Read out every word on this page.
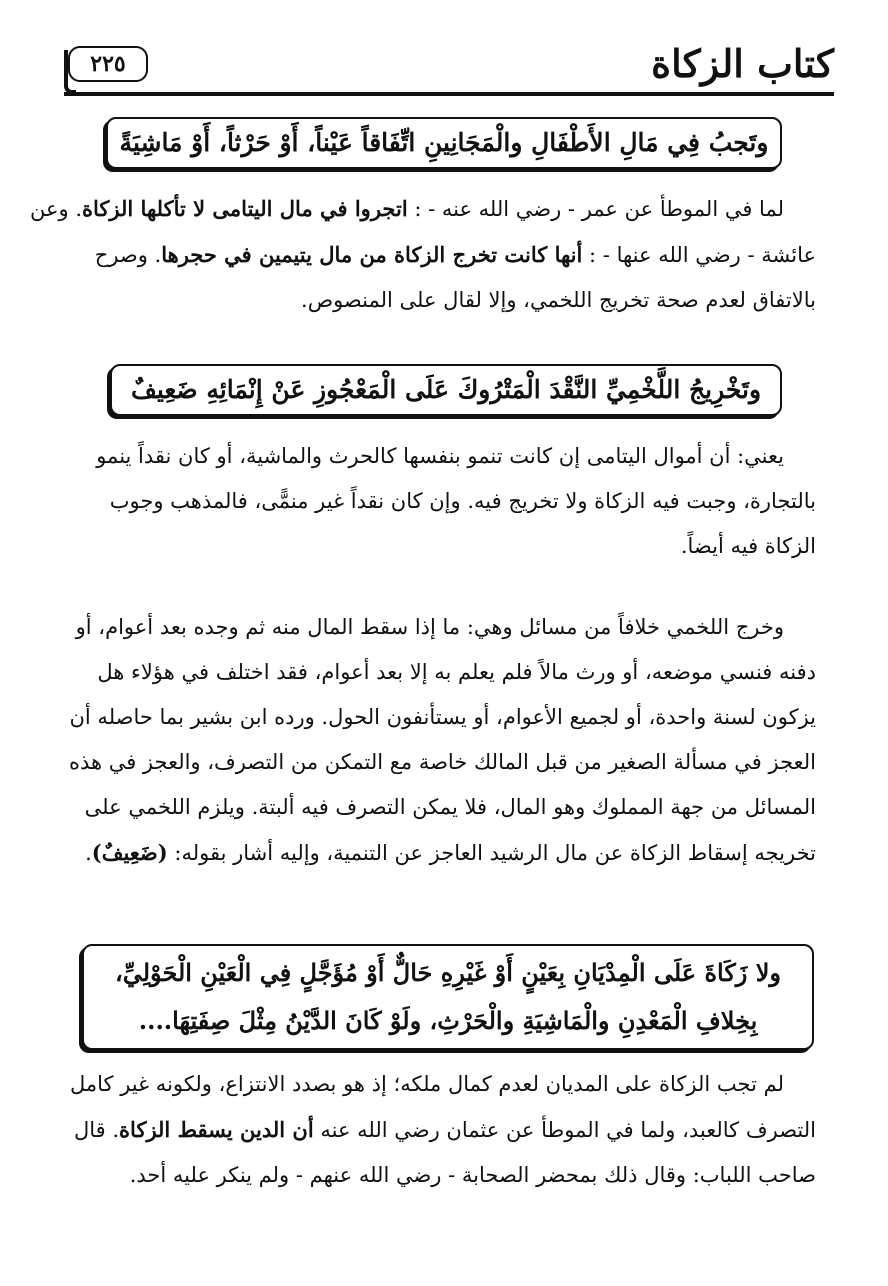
كتاب الزكاة
٢٢٥
وتَجبُ فِي مَالِ الأَطْفَالِ والْمَجَانِينِ اتِّفَاقاً عَيْناً، أَوْ حَرْثاً، أَوْ مَاشِيَةً
لما في الموطأ عن عمر - رضي الله عنه - : اتجروا في مال اليتامى لا تأكلها الزكاة. وعن
عائشة - رضي الله عنها - : أنها كانت تخرج الزكاة من مال يتيمين في حجرها. وصرح
بالاتفاق لعدم صحة تخريج اللخمي، وإلا لقال على المنصوص.
وتَخْرِيجُ اللَّخْمِيِّ النَّقْدَ الْمَتْرُوكَ عَلَى الْمَعْجُوزِ عَنْ إِنْمَائِهِ ضَعِيفٌ
يعني: أن أموال اليتامى إن كانت تنمو بنفسها كالحرث والماشية، أو كان نقداً ينمو
بالتجارة، وجبت فيه الزكاة ولا تخريج فيه. وإن كان نقداً غير منمًّى، فالمذهب وجوب
الزكاة فيه أيضاً.
وخرج اللخمي خلافاً من مسائل وهي: ما إذا سقط المال منه ثم وجده بعد أعوام، أو
دفنه فنسي موضعه، أو ورث مالاً فلم يعلم به إلا بعد أعوام، فقد اختلف في هؤلاء هل
يزكون لسنة واحدة، أو لجميع الأعوام، أو يستأنفون الحول. ورده ابن بشير بما حاصله أن
العجز في مسألة الصغير من قبل المالك خاصة مع التمكن من التصرف، والعجز في هذه
المسائل من جهة المملوك وهو المال، فلا يمكن التصرف فيه ألبتة. ويلزم اللخمي على
تخريجه إسقاط الزكاة عن مال الرشيد العاجز عن التنمية، وإليه أشار بقوله: (ضَعِيفٌ).
ولا زَكَاةَ عَلَى الْمِدْيَانِ بِعَيْنٍ أَوْ غَيْرِهِ حَالٌّ أَوْ مُؤَجَّلٍ فِي الْعَيْنِ الْحَوْلِيِّ،
بِخِلافِ الْمَعْدِنِ والْمَاشِيَةِ والْحَرْثِ، ولَوْ كَانَ الدَّيْنُ مِثْلَ صِفَتِهَا....
لم تجب الزكاة على المديان لعدم كمال ملكه؛ إذ هو بصدد الانتزاع، ولكونه غير كامل
التصرف كالعبد، ولما في الموطأ عن عثمان رضي الله عنه أن الدين يسقط الزكاة. قال
صاحب اللباب: وقال ذلك بمحضر الصحابة - رضي الله عنهم - ولم ينكر عليه أحد.
